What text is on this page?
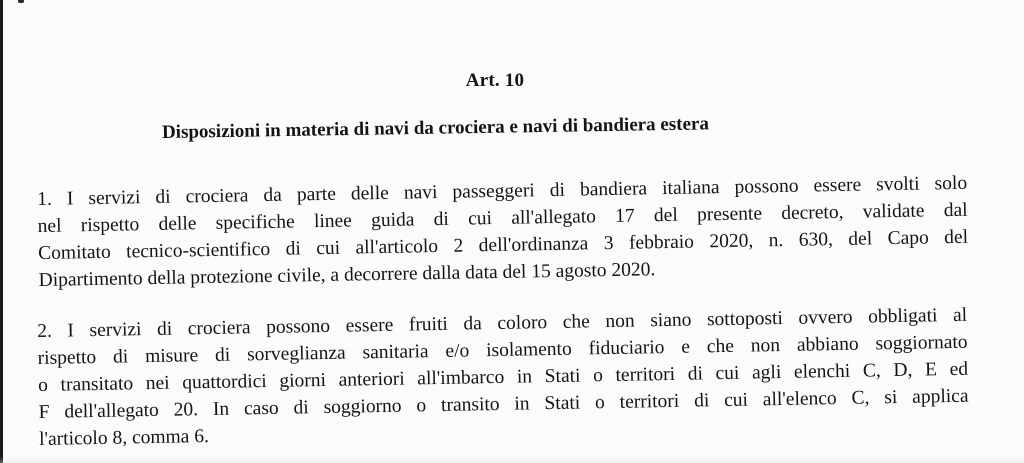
Art. 10
Disposizioni in materia di navi da crociera e navi di bandiera estera
1. I servizi di crociera da parte delle navi passeggeri di bandiera italiana possono essere svolti solo
nel rispetto delle specifiche linee guida di cui all'allegato 17 del presente decreto, validate dal
Comitato tecnico-scientifico di cui all'articolo 2 dell'ordinanza 3 febbraio 2020, n. 630, del Capo del
Dipartimento della protezione civile, a decorrere dalla data del 15 agosto 2020.
2. I servizi di crociera possono essere fruiti da coloro che non siano sottoposti ovvero obbligati al
rispetto di misure di sorveglianza sanitaria e/o isolamento fiduciario e che non abbiano soggiornato
o transitato nei quattordici giorni anteriori all'imbarco in Stati o territori di cui agli elenchi C, D, E ed
F dell'allegato 20. In caso di soggiorno o transito in Stati o territori di cui all'elenco C, si applica
l'articolo 8, comma 6.
